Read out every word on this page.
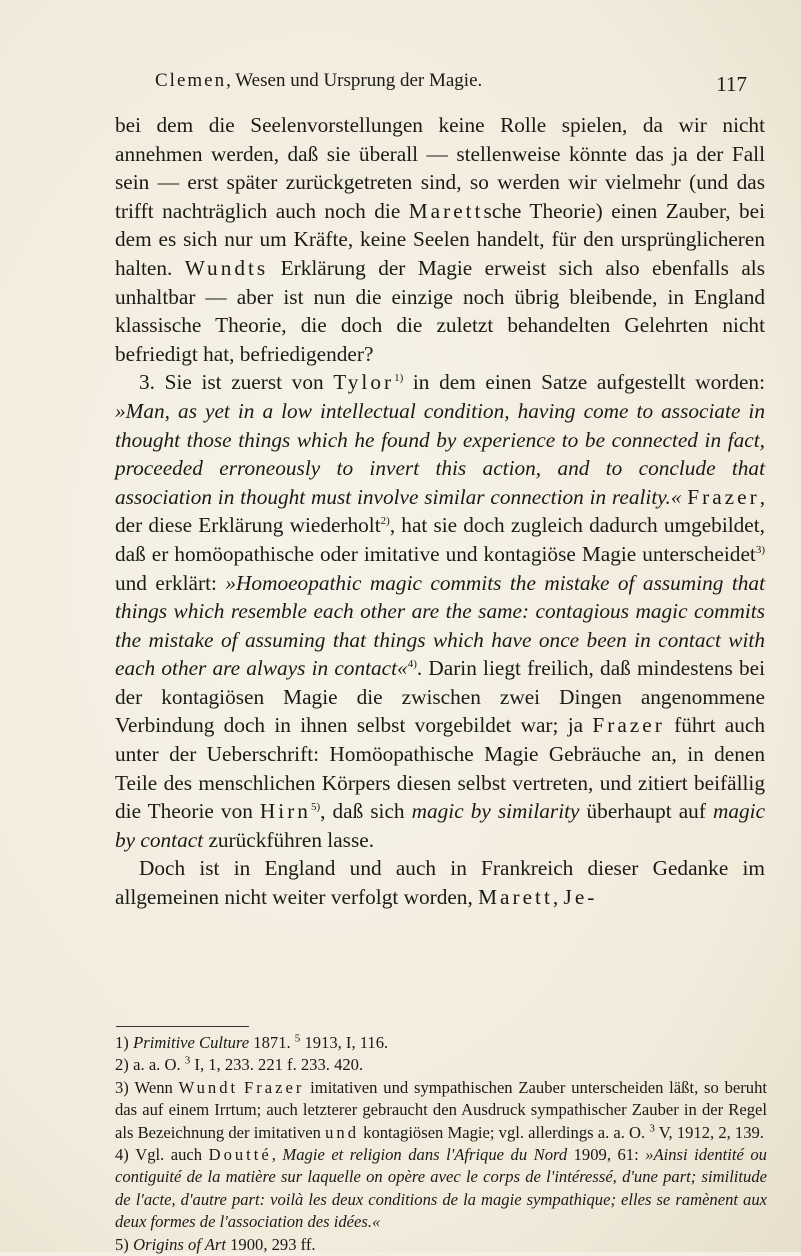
Clemen, Wesen und Ursprung der Magie.	117

bei dem die Seelenvorstellungen keine Rolle spielen, da wir nicht annehmen werden, daß sie überall — stellenweise könnte das ja der Fall sein — erst später zurückgetreten sind, so werden wir vielmehr (und das trifft nachträglich auch noch die Marettsche Theorie) einen Zauber, bei dem es sich nur um Kräfte, keine Seelen handelt, für den ursprünglicheren halten. Wundts Erklärung der Magie erweist sich also ebenfalls als unhaltbar — aber ist nun die einzige noch übrig bleibende, in England klassische Theorie, die doch die zuletzt behandelten Gelehrten nicht befriedigt hat, befriedigender?

3. Sie ist zuerst von Tylor$^{1)}$ in dem einen Satze aufgestellt worden: »Man, as yet in a low intellectual condition, having come to associate in thought those things which he found by experience to be connected in fact, proceeded erroneously to invert this action, and to conclude that association in thought must involve similar connection in reality.« Frazer, der diese Erklärung wiederholt$^{2)}$, hat sie doch zugleich dadurch umgebildet, daß er homöopathische oder imitative und kontagiöse Magie unterscheidet$^{3)}$ und erklärt: »Homoeopathic magic commits the mistake of assuming that things which resemble each other are the same: contagious magic commits the mistake of assuming that things which have once been in contact with each other are always in contact«$^{4)}$. Darin liegt freilich, daß mindestens bei der kontagiösen Magie die zwischen zwei Dingen angenommene Verbindung doch in ihnen selbst vorgebildet war; ja Frazer führt auch unter der Ueberschrift: Homöopathische Magie Gebräuche an, in denen Teile des menschlichen Körpers diesen selbst vertreten, und zitiert beifällig die Theorie von Hirn$^{5)}$, daß sich magic by similarity überhaupt auf magic by contact zurückführen lasse.

Doch ist in England und auch in Frankreich dieser Gedanke im allgemeinen nicht weiter verfolgt worden, Marett, Je-

1) Primitive Culture 1871. $^5$ 1913, I, 116.

2) a. a. O. $^3$ I, 1, 233. 221 f. 233. 420.

3) Wenn Wundt Frazer imitativen und sympathischen Zauber unterscheiden läßt, so beruht das auf einem Irrtum; auch letzterer gebraucht den Ausdruck sympathischer Zauber in der Regel als Bezeichnung der imitativen und kontagiösen Magie; vgl. allerdings a. a. O. $^3$ V, 1912, 2, 139.

4) Vgl. auch Doutté, Magie et religion dans l'Afrique du Nord 1909, 61: »Ainsi identité ou contiguité de la matière sur laquelle on opère avec le corps de l'intéressé, d'une part; similitude de l'acte, d'autre part: voilà les deux conditions de la magie sympathique; elles se ramènent aux deux formes de l'association des idées.«

5) Origins of Art 1900, 293 ff.
